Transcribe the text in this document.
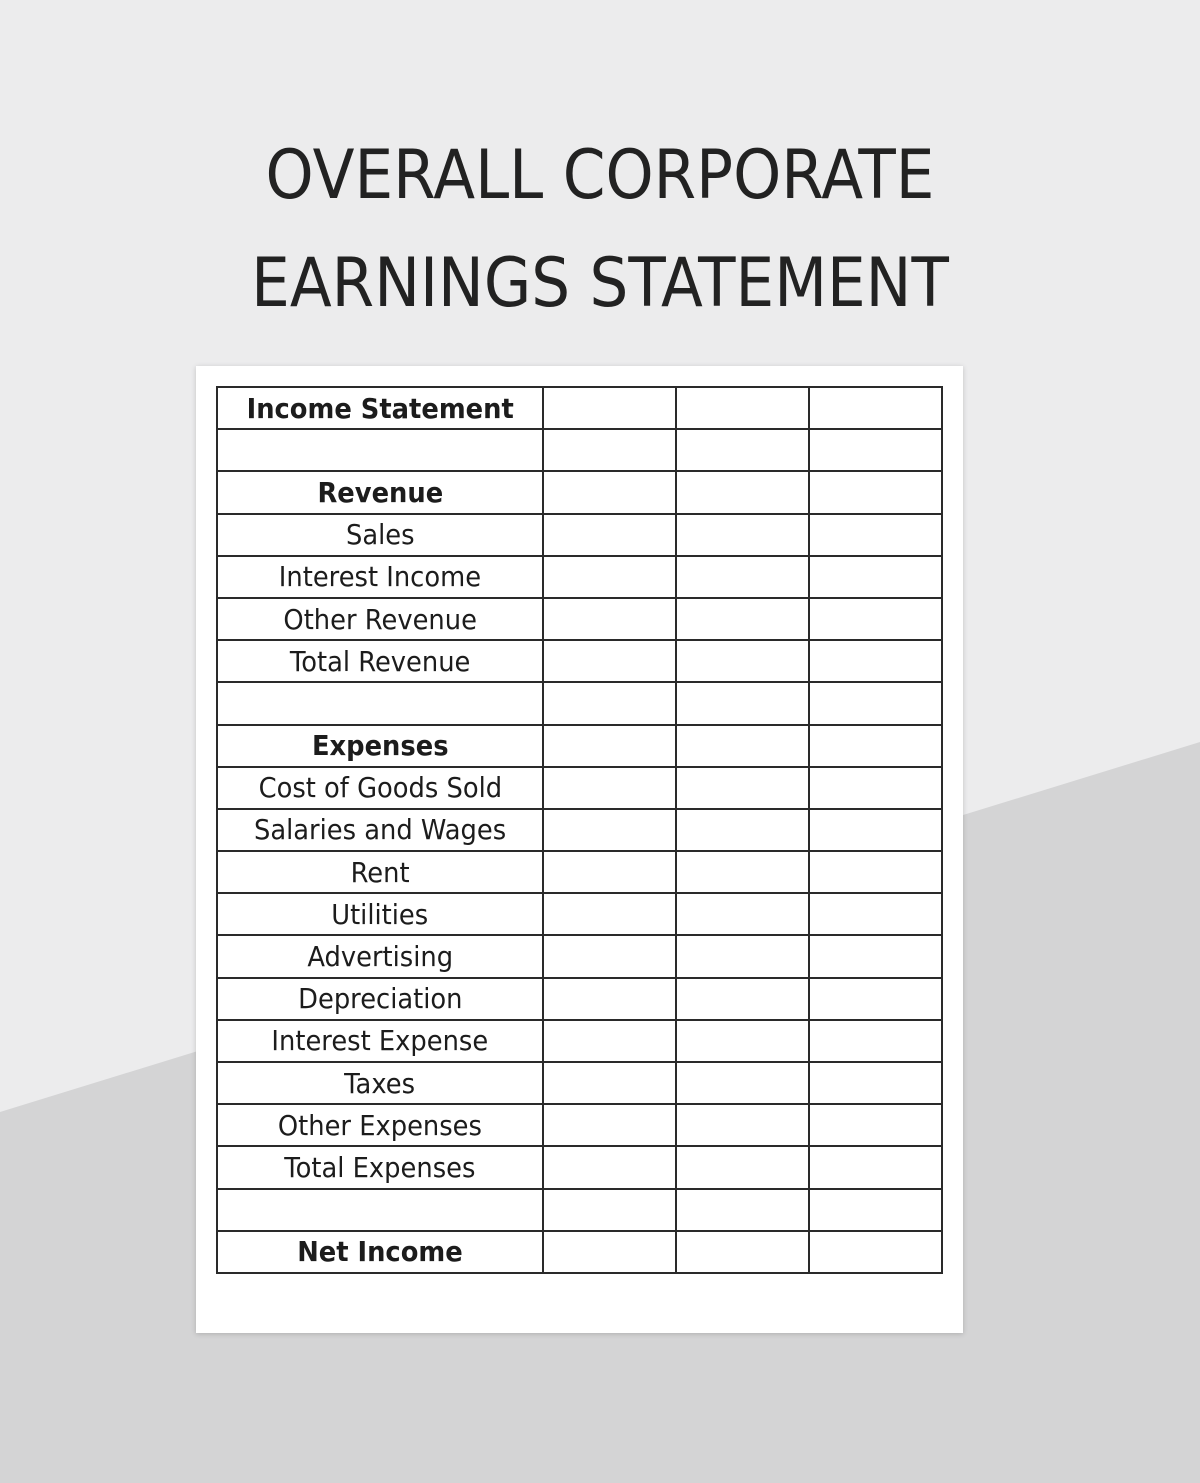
OVERALL CORPORATE
EARNINGS STATEMENT
Income Statement			

Revenue			
Sales			
Interest Income			
Other Revenue			
Total Revenue			

Expenses			
Cost of Goods Sold			
Salaries and Wages			
Rent			
Utilities			
Advertising			
Depreciation			
Interest Expense			
Taxes			
Other Expenses			
Total Expenses			

Net Income			
